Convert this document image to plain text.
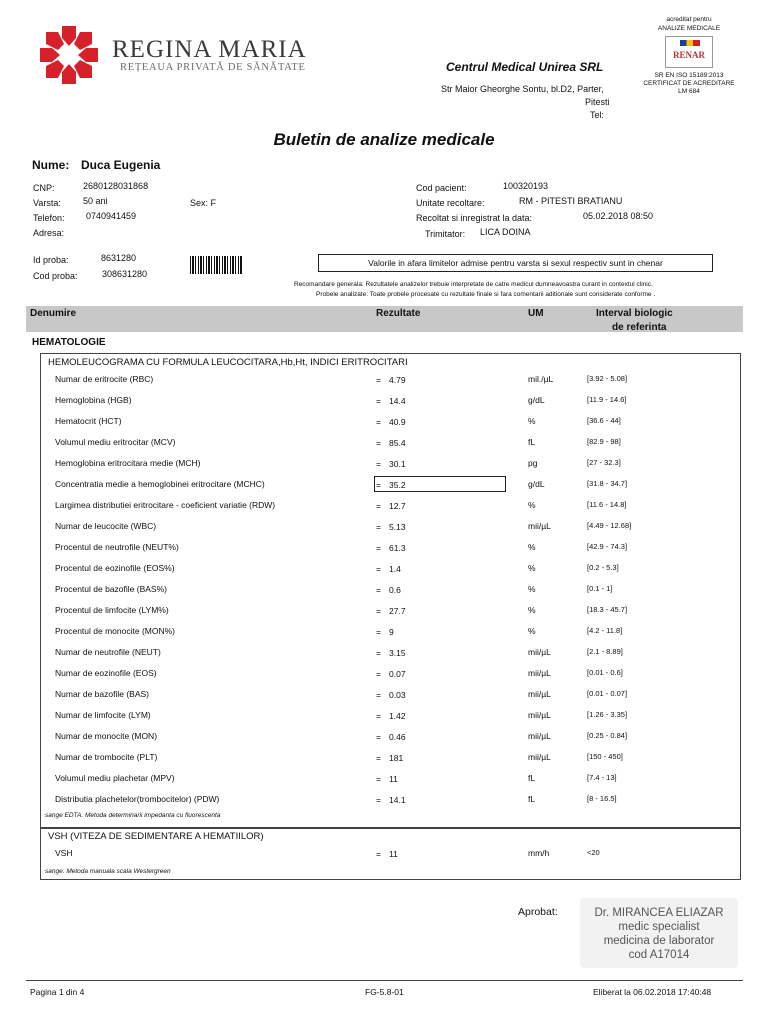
REGINA MARIA
REȚEAUA PRIVATĂ DE SĂNĂTATE	Centrul Medical Unirea SRL
Str Maior Gheorghe Sontu, bl.D2, Parter,
Pitesti
Tel:
acreditat pentru
ANALIZE MEDICALE
RENAR
SR EN ISO 15189:2013
CERTIFICAT DE ACREDITARE
LM 684
Buletin de analize medicale
Nume: Duca Eugenia
CNP:	2680128031868
Varsta: 50 ani	Sex: F
Telefon: 0740941459
Adresa:
Cod pacient:	100320193
Unitate recoltare:	RM - PITESTI BRATIANU
Recoltat si inregistrat la data:	05.02.2018 08:50
Trimitator: LICA DOINA
Id proba:	8631280
Cod proba:	308631280
Valorile in afara limitelor admise pentru varsta si sexul respectiv sunt in chenar
Recomandare generala: Rezultatele analizelor trebuie interpretate de catre medicul dumneavoastra curant in contextul clinic.
Probele analizate: Toate probele procesate cu rezultate finale si fara comentarii aditionale sunt considerate conforme .
Denumire	Rezultate	UM	Interval biologic
de referinta
HEMATOLOGIE
HEMOLEUCOGRAMA CU FORMULA LEUCOCITARA,Hb,Ht, INDICI ERITROCITARI
Numar de eritrocite (RBC)	= 4.79	mil./µL	[3.92 - 5.08]
Hemoglobina (HGB)	= 14.4	g/dL	[11.9 - 14.6]
Hematocrit (HCT)	= 40.9	%	[36.6 - 44]
Volumul mediu eritrocitar (MCV)	= 85.4	fL	[82.9 - 98]
Hemoglobina eritrocitara medie (MCH)	= 30.1	pg	[27 - 32.3]
Concentratia medie a hemoglobinei eritrocitare (MCHC)	= 35.2	g/dL	[31.8 - 34.7]
Largimea distributiei eritrocitare - coeficient variatie (RDW)	= 12.7	%	[11.6 - 14.8]
Numar de leucocite (WBC)	= 5.13	mii/µL	[4.49 - 12.68]
Procentul de neutrofile (NEUT%)	= 61.3	%	[42.9 - 74.3]
Procentul de eozinofile (EOS%)	= 1.4	%	[0.2 - 5.3]
Procentul de bazofile (BAS%)	= 0.6	%	[0.1 - 1]
Procentul de limfocite (LYM%)	= 27.7	%	[18.3 - 45.7]
Procentul de monocite (MON%)	= 9	%	[4.2 - 11.8]
Numar de neutrofile (NEUT)	= 3.15	mii/µL	[2.1 - 8.89]
Numar de eozinofile (EOS)	= 0.07	mii/µL	[0.01 - 0.6]
Numar de bazofile (BAS)	= 0.03	mii/µL	[0.01 - 0.07]
Numar de limfocite (LYM)	= 1.42	mii/µL	[1.26 - 3.35]
Numar de monocite (MON)	= 0.46	mii/µL	[0.25 - 0.84]
Numar de trombocite (PLT)	= 181	mii/µL	[150 - 450]
Volumul mediu plachetar (MPV)	= 11	fL	[7.4 - 13]
Distributia plachetelor(trombocitelor) (PDW)	= 14.1	fL	[8 - 16.5]
sange EDTA. Metoda determinarii impedanta cu fluorescenta
VSH (VITEZA DE SEDIMENTARE A HEMATIILOR)
VSH	= 11	mm/h	<20
sange. Metoda manuala scala Westergreen
Aprobat:	Dr. MIRANCEA ELIAZAR
medic specialist
medicina de laborator
cod A17014
Pagina 1 din 4	FG-5.8-01	Eliberat la 06.02.2018 17:40:48
